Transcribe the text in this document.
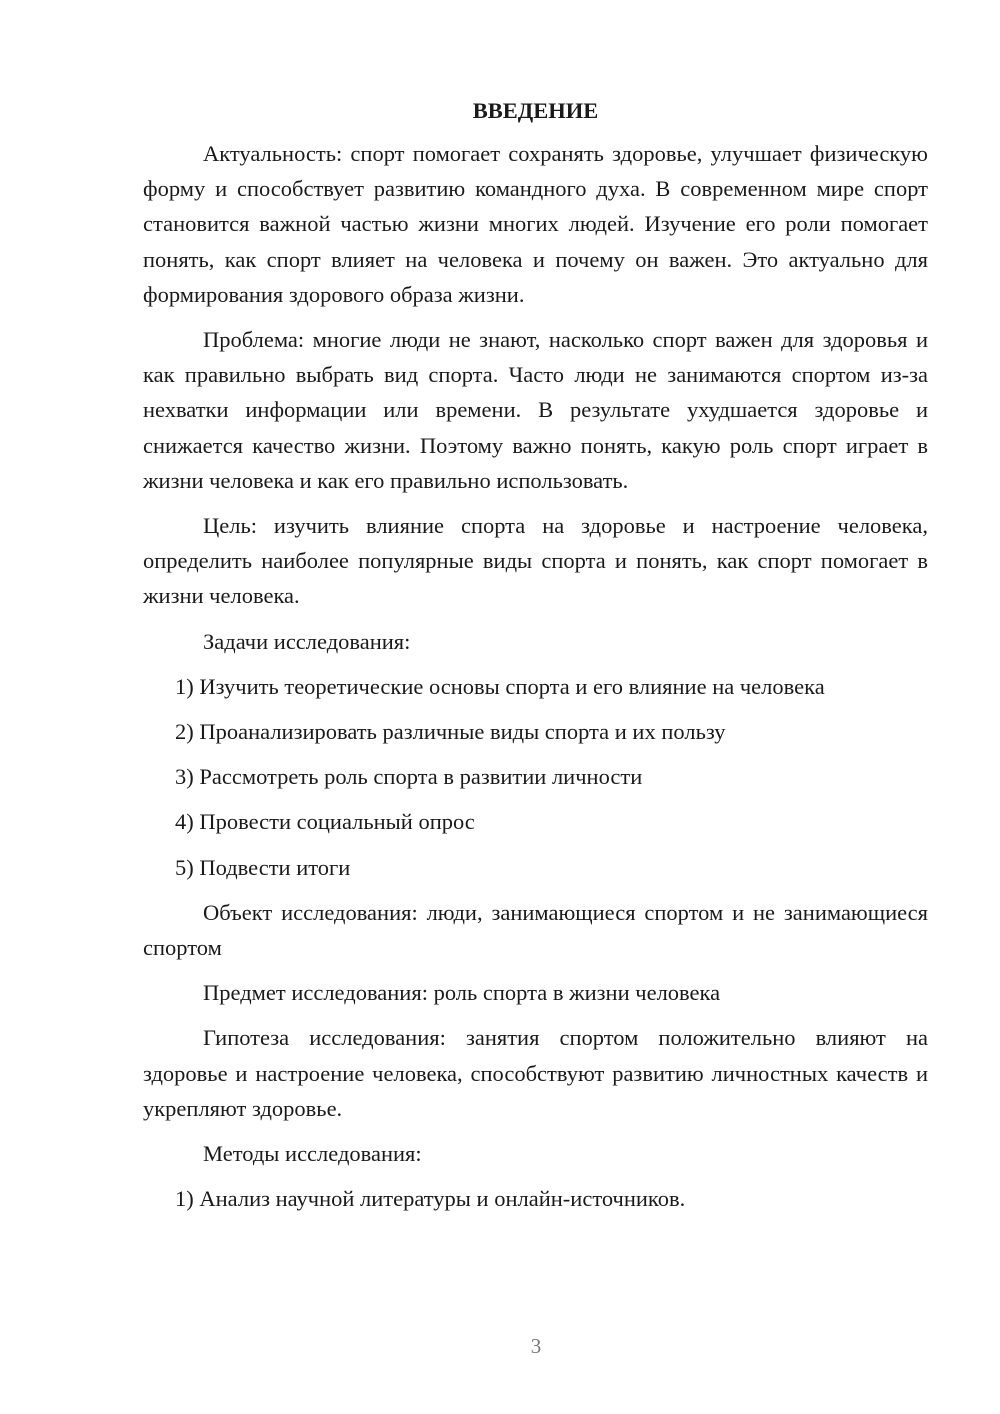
ВВЕДЕНИЕ

Актуальность: спорт помогает сохранять здоровье, улучшает физическую форму и способствует развитию командного духа. В современном мире спорт становится важной частью жизни многих людей. Изучение его роли помогает понять, как спорт влияет на человека и почему он важен. Это актуально для формирования здорового образа жизни.

Проблема: многие люди не знают, насколько спорт важен для здоровья и как правильно выбрать вид спорта. Часто люди не занимаются спортом из-за нехватки информации или времени. В результате ухудшается здоровье и снижается качество жизни. Поэтому важно понять, какую роль спорт играет в жизни человека и как его правильно использовать.

Цель: изучить влияние спорта на здоровье и настроение человека, определить наиболее популярные виды спорта и понять, как спорт помогает в жизни человека.

Задачи исследования:
1) Изучить теоретические основы спорта и его влияние на человека
2) Проанализировать различные виды спорта и их пользу
3) Рассмотреть роль спорта в развитии личности
4) Провести социальный опрос
5) Подвести итоги

Объект исследования: люди, занимающиеся спортом и не занимающиеся спортом

Предмет исследования: роль спорта в жизни человека

Гипотеза исследования: занятия спортом положительно влияют на здоровье и настроение человека, способствуют развитию личностных качеств и укрепляют здоровье.

Методы исследования:
1) Анализ научной литературы и онлайн-источников.
3
